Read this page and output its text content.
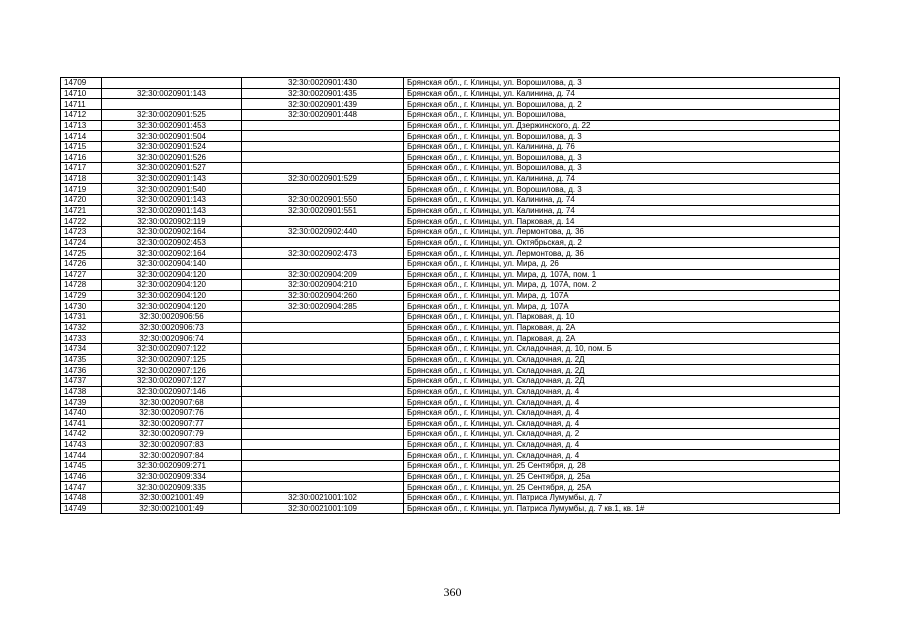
14709		32:30:0020901:430	Брянская обл., г. Клинцы, ул. Ворошилова, д. 3
14710	32:30:0020901:143	32:30:0020901:435	Брянская обл., г. Клинцы, ул. Калинина, д. 74
14711		32:30:0020901:439	Брянская обл., г. Клинцы, ул. Ворошилова, д. 2
14712	32:30:0020901:525	32:30:0020901:448	Брянская обл., г. Клинцы, ул. Ворошилова,
14713	32:30:0020901:453		Брянская обл., г. Клинцы, ул. Дзержинского, д. 22
14714	32:30:0020901:504		Брянская обл., г. Клинцы, ул. Ворошилова, д. 3
14715	32:30:0020901:524		Брянская обл., г. Клинцы, ул. Калинина, д. 76
14716	32:30:0020901:526		Брянская обл., г. Клинцы, ул. Ворошилова, д. 3
14717	32:30:0020901:527		Брянская обл., г. Клинцы, ул. Ворошилова, д. 3
14718	32:30:0020901:143	32:30:0020901:529	Брянская обл., г. Клинцы, ул. Калинина, д. 74
14719	32:30:0020901:540		Брянская обл., г. Клинцы, ул. Ворошилова, д. 3
14720	32:30:0020901:143	32:30:0020901:550	Брянская обл., г. Клинцы, ул. Калинина, д. 74
14721	32:30:0020901:143	32:30:0020901:551	Брянская обл., г. Клинцы, ул. Калинина, д. 74
14722	32:30:0020902:119		Брянская обл., г. Клинцы, ул. Парковая, д. 14
14723	32:30:0020902:164	32:30:0020902:440	Брянская обл., г. Клинцы, ул. Лермонтова, д. 36
14724	32:30:0020902:453		Брянская обл., г. Клинцы, ул. Октябрьская, д. 2
14725	32:30:0020902:164	32:30:0020902:473	Брянская обл., г. Клинцы, ул. Лермонтова, д. 36
14726	32:30:0020904:140		Брянская обл., г. Клинцы, ул. Мира, д. 26
14727	32:30:0020904:120	32:30:0020904:209	Брянская обл., г. Клинцы, ул. Мира, д. 107А, пом. 1
14728	32:30:0020904:120	32:30:0020904:210	Брянская обл., г. Клинцы, ул. Мира, д. 107А, пом. 2
14729	32:30:0020904:120	32:30:0020904:260	Брянская обл., г. Клинцы, ул. Мира, д. 107А
14730	32:30:0020904:120	32:30:0020904:285	Брянская обл., г. Клинцы, ул. Мира, д. 107А
14731	32:30:0020906:56		Брянская обл., г. Клинцы, ул. Парковая, д. 10
14732	32:30:0020906:73		Брянская обл., г. Клинцы, ул. Парковая, д. 2А
14733	32:30:0020906:74		Брянская обл., г. Клинцы, ул. Парковая, д. 2А
14734	32:30:0020907:122		Брянская обл., г. Клинцы, ул. Складочная, д. 10, пом. Б
14735	32:30:0020907:125		Брянская обл., г. Клинцы, ул. Складочная, д. 2Д
14736	32:30:0020907:126		Брянская обл., г. Клинцы, ул. Складочная, д. 2Д
14737	32:30:0020907:127		Брянская обл., г. Клинцы, ул. Складочная, д. 2Д
14738	32:30:0020907:146		Брянская обл., г. Клинцы, ул. Складочная, д. 4
14739	32:30:0020907:68		Брянская обл., г. Клинцы, ул. Складочная, д. 4
14740	32:30:0020907:76		Брянская обл., г. Клинцы, ул. Складочная, д. 4
14741	32:30:0020907:77		Брянская обл., г. Клинцы, ул. Складочная, д. 4
14742	32:30:0020907:79		Брянская обл., г. Клинцы, ул. Складочная, д. 2
14743	32:30:0020907:83		Брянская обл., г. Клинцы, ул. Складочная, д. 4
14744	32:30:0020907:84		Брянская обл., г. Клинцы, ул. Складочная, д. 4
14745	32:30:0020909:271		Брянская обл., г. Клинцы, ул. 25 Сентября, д. 28
14746	32:30:0020909:334		Брянская обл., г. Клинцы, ул. 25 Сентября, д. 25а
14747	32:30:0020909:335		Брянская обл., г. Клинцы, ул. 25 Сентября, д. 25А
14748	32:30:0021001:49	32:30:0021001:102	Брянская обл., г. Клинцы, ул. Патриса Лумумбы, д. 7
14749	32:30:0021001:49	32:30:0021001:109	Брянская обл., г. Клинцы, ул. Патриса Лумумбы, д. 7 кв.1, кв. 1#
360
